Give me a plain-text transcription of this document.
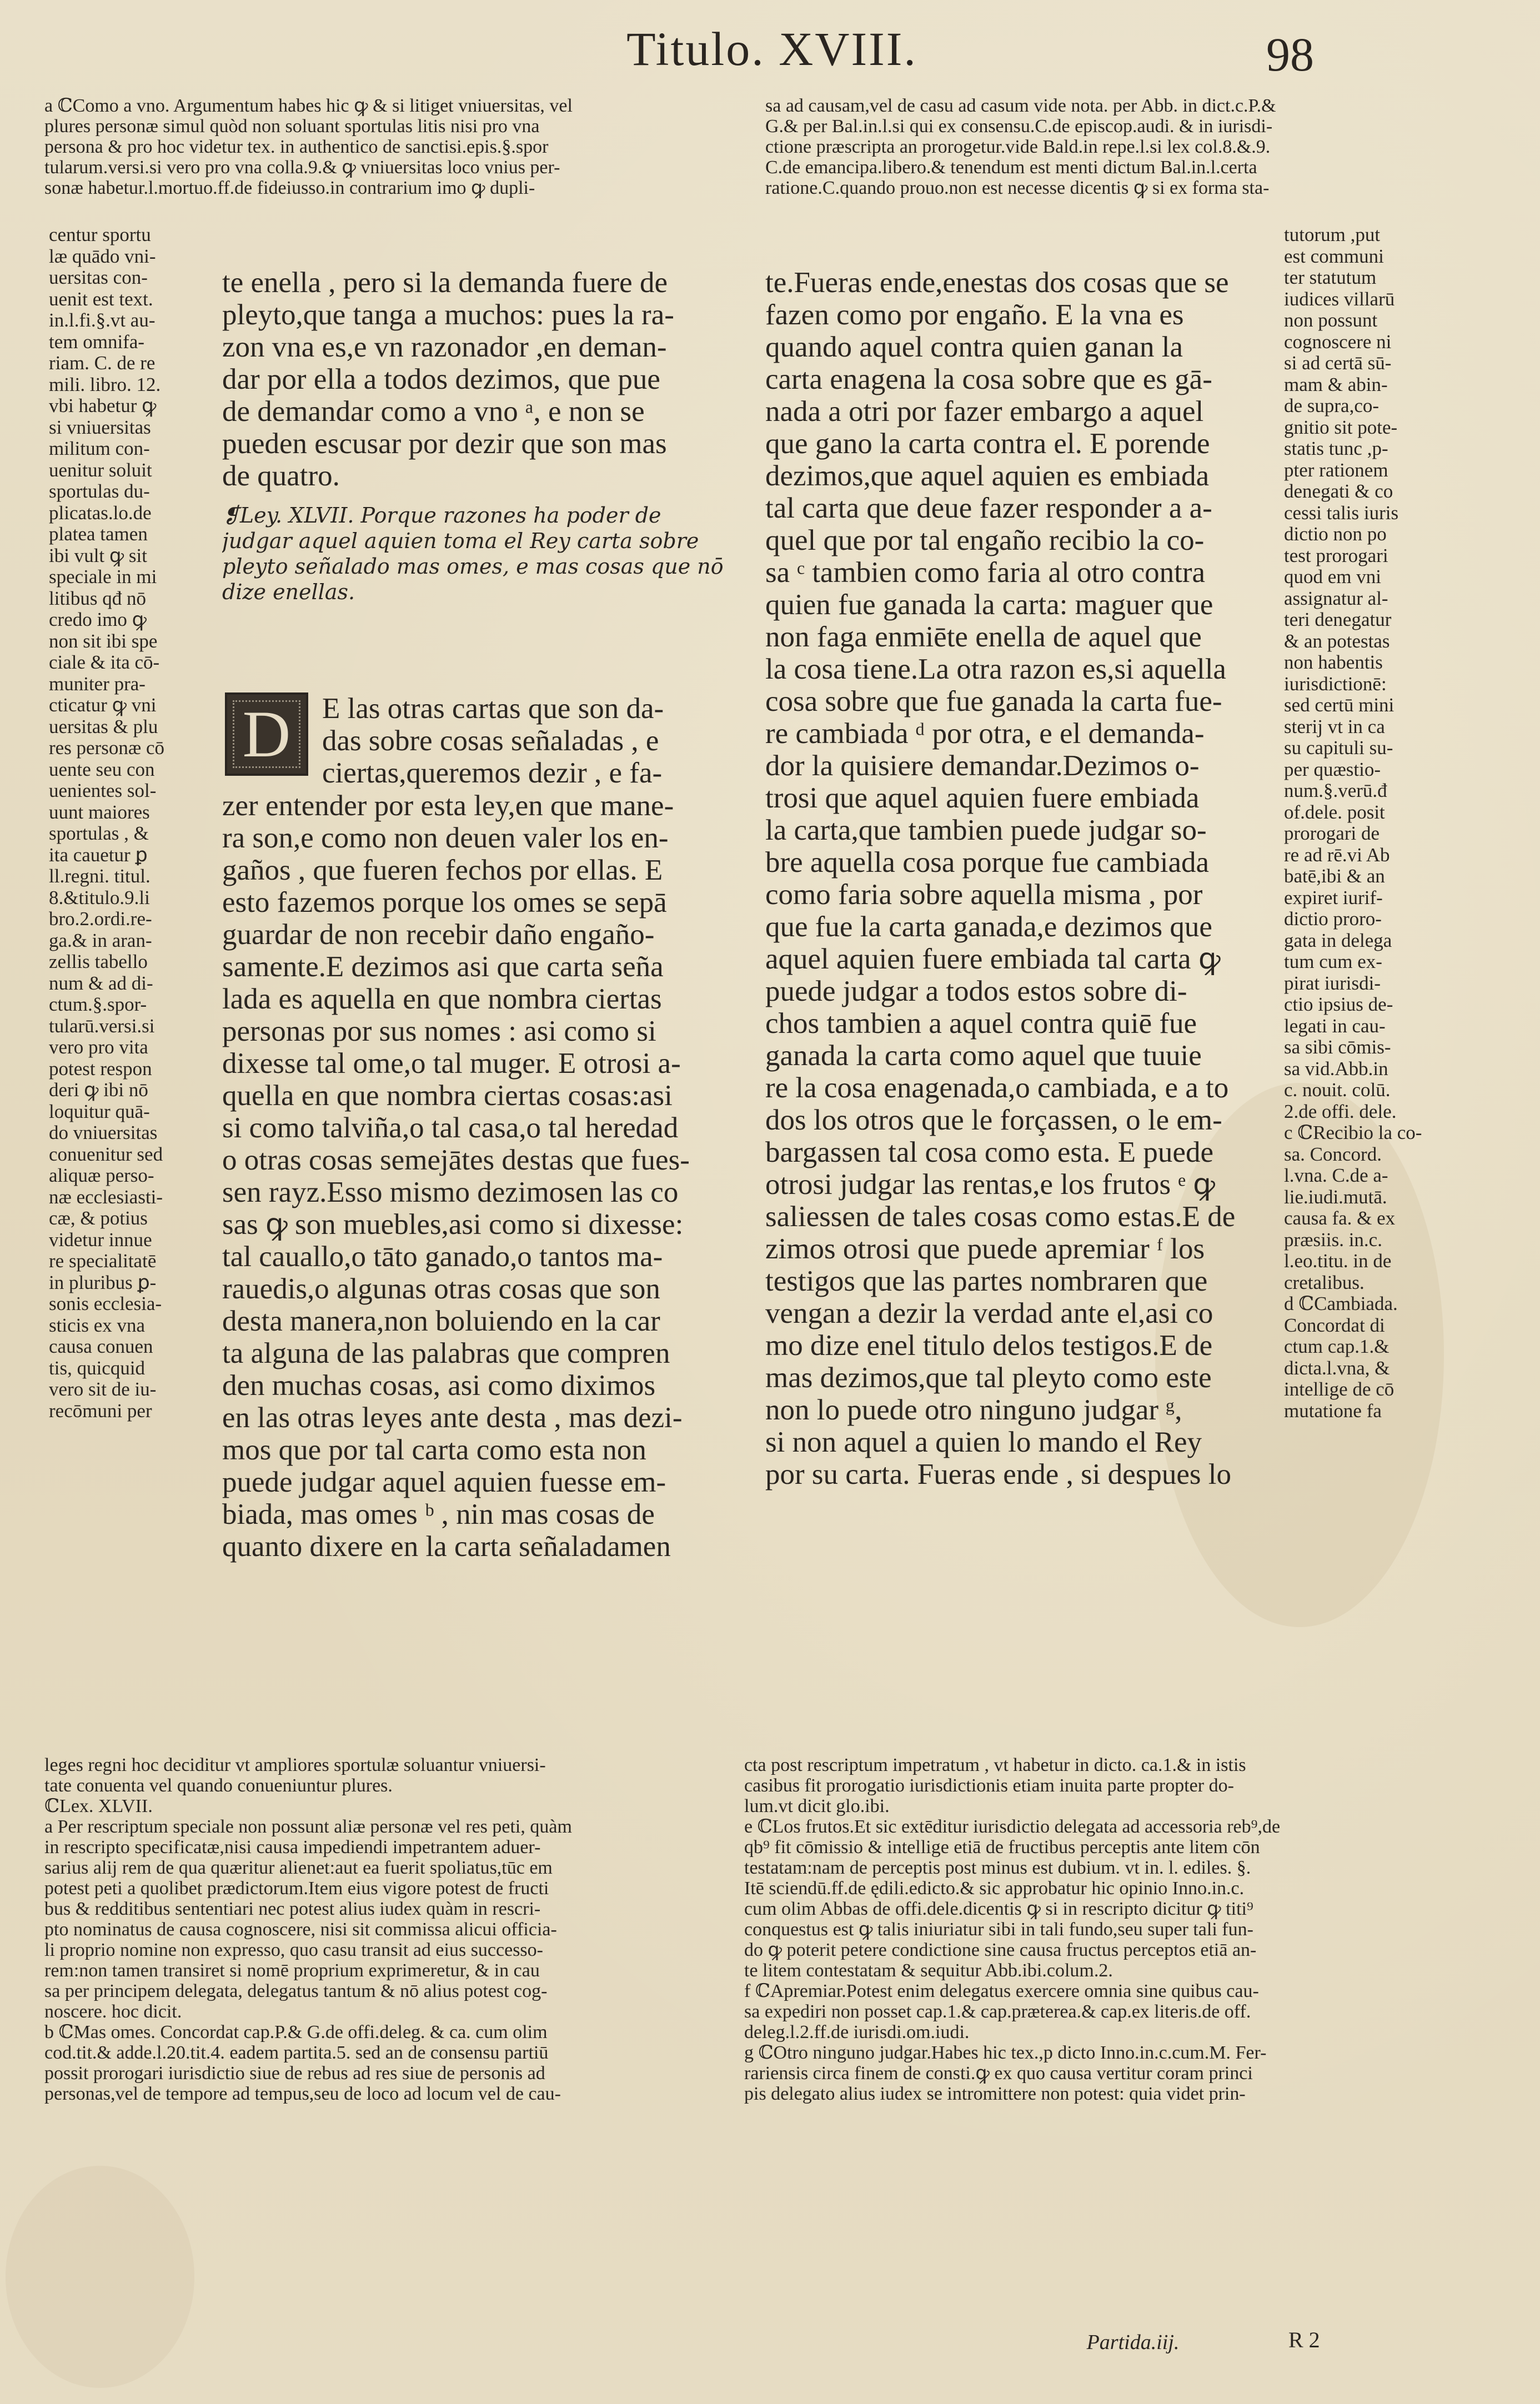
Titulo. XVIII.	98
a ℂComo a vno. Argumentum habes hic ꝙ & si litiget vniuersitas, vel
plures personæ simul quòd non soluant sportulas litis nisi pro vna
persona & pro hoc videtur tex. in authentico de sanctisi.epis.§.spor
tularum.versi.si vero pro vna colla.9.& ꝙ vniuersitas loco vnius per-
sonæ habetur.l.mortuo.ff.de fideiusso.in contrarium imo ꝙ dupli-
sa ad causam,vel de casu ad casum vide nota. per Abb. in dict.c.P.&
G.& per Bal.in.l.si qui ex consensu.C.de episcop.audi. & in iurisdi-
ctione præscripta an prorogetur.vide Bald.in repe.l.si lex col.8.&.9.
C.de emancipa.libero.& tenendum est menti dictum Bal.in.l.certa
ratione.C.quando prouo.non est necesse dicentis ꝙ si ex forma sta-
centur sportu
læ quādo vni-
uersitas con-
uenit est text.
in.l.fi.§.vt au-
tem omnifa-
riam. C. de re
mili. libro. 12.
vbi habetur ꝙ
si vniuersitas
militum con-
uenitur soluit
sportulas du-
plicatas.lo.de
platea tamen
ibi vult ꝙ sit
speciale in mi
litibus qđ nō
credo imo ꝙ
non sit ibi spe
ciale & ita cō-
muniter pra-
cticatur ꝙ vni
uersitas & plu
res personæ cō
uente seu con
uenientes sol-
uunt maiores
sportulas , &
ita cauetur ꝑ
ll.regni. titul.
8.&titulo.9.li
bro.2.ordi.re-
ga.& in aran-
zellis tabello
num & ad di-
ctum.§.spor-
tularū.versi.si
vero pro vita
potest respon
deri ꝙ ibi nō
loquitur quā-
do vniuersitas
conuenitur sed
aliquæ perso-
næ ecclesiasti-
cæ, & potius
videtur innue
re specialitatē
in pluribus ꝑ-
sonis ecclesia-
sticis ex vna
causa conuen
tis, quicquid
vero sit de iu-
recōmuni per
te enella , pero si la demanda fuere de
pleyto,que tanga a muchos: pues la ra-
zon vna es,e vn razonador ,en deman-
dar por ella a todos dezimos, que pue
de demandar como a vno ᵃ, e non se
pueden escusar por dezir que son mas
de quatro.
❡Ley. XLVII. Porque razones ha poder de
judgar aquel aquien toma el Rey carta sobre
pleyto señalado mas omes, e mas cosas que nō
dize enellas.
D E las otras cartas que son da-
das sobre cosas señaladas , e
ciertas,queremos dezir , e fa-
zer entender por esta ley,en que mane-
ra son,e como non deuen valer los en-
gaños , que fueren fechos por ellas. E
esto fazemos porque los omes se sepā
guardar de non recebir daño engaño-
samente.E dezimos asi que carta seña
lada es aquella en que nombra ciertas
personas por sus nomes : asi como si
dixesse tal ome,o tal muger. E otrosi a-
quella en que nombra ciertas cosas:asi
si como talviña,o tal casa,o tal heredad
o otras cosas semejātes destas que fues-
sen rayz.Esso mismo dezimosen las co
sas ꝙ son muebles,asi como si dixesse:
tal cauallo,o tāto ganado,o tantos ma-
rauedis,o algunas otras cosas que son
desta manera,non boluiendo en la car
ta alguna de las palabras que compren
den muchas cosas, asi como diximos
en las otras leyes ante desta , mas dezi-
mos que por tal carta como esta non
puede judgar aquel aquien fuesse em-
biada, mas omes ᵇ , nin mas cosas de
quanto dixere en la carta señaladamen
te.Fueras ende,enestas dos cosas que se
fazen como por engaño. E la vna es
quando aquel contra quien ganan la
carta enagena la cosa sobre que es gā-
nada a otri por fazer embargo a aquel
que gano la carta contra el. E porende
dezimos,que aquel aquien es embiada
tal carta que deue fazer responder a a-
quel que por tal engaño recibio la co-
sa ᶜ tambien como faria al otro contra
quien fue ganada la carta: maguer que
non faga enmiēte enella de aquel que
la cosa tiene.La otra razon es,si aquella
cosa sobre que fue ganada la carta fue-
re cambiada ᵈ por otra, e el demanda-
dor la quisiere demandar.Dezimos o-
trosi que aquel aquien fuere embiada
la carta,que tambien puede judgar so-
bre aquella cosa porque fue cambiada
como faria sobre aquella misma , por
que fue la carta ganada,e dezimos que
aquel aquien fuere embiada tal carta ꝙ
puede judgar a todos estos sobre di-
chos tambien a aquel contra quiē fue
ganada la carta como aquel que tuuie
re la cosa enagenada,o cambiada, e a to
dos los otros que le forçassen, o le em-
bargassen tal cosa como esta. E puede
otrosi judgar las rentas,e los frutos ᵉ ꝙ
saliessen de tales cosas como estas.E de
zimos otrosi que puede apremiar ᶠ los
testigos que las partes nombraren que
vengan a dezir la verdad ante el,asi co
mo dize enel titulo delos testigos.E de
mas dezimos,que tal pleyto como este
non lo puede otro ninguno judgar ᵍ,
si non aquel a quien lo mando el Rey
por su carta. Fueras ende , si despues lo
tutorum ,put
est communi
ter statutum
iudices villarū
non possunt
cognoscere ni
si ad certā sū-
mam & abin-
de supra,co-
gnitio sit pote-
statis tunc ,p-
pter rationem
denegati & co
cessi talis iuris
dictio non po
test prorogari
quod em vni
assignatur al-
teri denegatur
& an potestas
non habentis
iurisdictionē:
sed certū mini
sterij vt in ca
su capituli su-
per quæstio-
num.§.verū.đ
of.dele. posit
prorogari de
re ad rē.vi Ab
batē,ibi & an
expiret iurif-
dictio proro-
gata in delega
tum cum ex-
pirat iurisdi-
ctio ipsius de-
legati in cau-
sa sibi cōmis-
sa vid.Abb.in
c. nouit. colū.
2.de offi. dele.
c ℂRecibio la co-
sa. Concord.
l.vna. C.de a-
lie.iudi.mutā.
causa fa. & ex
præsiis. in.c.
l.eo.titu. in de
cretalibus.
d ℂCambiada.
Concordat di
ctum cap.1.&
dicta.l.vna, &
intellige de cō
mutatione fa
leges regni hoc deciditur vt ampliores sportulæ soluantur vniuersi-
tate conuenta vel quando conueniuntur plures.
ℂLex. XLVII.
a Per rescriptum speciale non possunt aliæ personæ vel res peti, quàm
in rescripto specificatæ,nisi causa impediendi impetrantem aduer-
sarius alij rem de qua quæritur alienet:aut ea fuerit spoliatus,tūc em
potest peti a quolibet prædictorum.Item eius vigore potest de fructi
bus & redditibus sententiari nec potest alius iudex quàm in rescri-
pto nominatus de causa cognoscere, nisi sit commissa alicui officia-
li proprio nomine non expresso, quo casu transit ad eius successo-
rem:non tamen transiret si nomē proprium exprimeretur, & in cau
sa per principem delegata, delegatus tantum & nō alius potest cog-
noscere. hoc dicit.
b ℂMas omes. Concordat cap.P.& G.de offi.deleg. & ca. cum olim
cod.tit.& adde.l.20.tit.4. eadem partita.5. sed an de consensu partiū
possit prorogari iurisdictio siue de rebus ad res siue de personis ad
personas,vel de tempore ad tempus,seu de loco ad locum vel de cau-
cta post rescriptum impetratum , vt habetur in dicto. ca.1.& in istis
casibus fit prorogatio iurisdictionis etiam inuita parte propter do-
lum.vt dicit glo.ibi.
e ℂLos frutos.Et sic extēditur iurisdictio delegata ad accessoria reb⁹,de
qb⁹ fit cōmissio & intellige etiā de fructibus perceptis ante litem cōn
testatam:nam de perceptis post minus est dubium. vt in. l. ediles. §.
Itē sciendū.ff.de ędili.edicto.& sic approbatur hic opinio Inno.in.c.
cum olim Abbas de offi.dele.dicentis ꝙ si in rescripto dicitur ꝙ titi⁹
conquestus est ꝙ talis iniuriatur sibi in tali fundo,seu super tali fun-
do ꝙ poterit petere condictione sine causa fructus perceptos etiā an-
te litem contestatam & sequitur Abb.ibi.colum.2.
f ℂApremiar.Potest enim delegatus exercere omnia sine quibus cau-
sa expediri non posset cap.1.& cap.præterea.& cap.ex literis.de off.
deleg.l.2.ff.de iurisdi.om.iudi.
g ℂOtro ninguno judgar.Habes hic tex.,p dicto Inno.in.c.cum.M. Fer-
rariensis circa finem de consti.ꝙ ex quo causa vertitur coram princi
pis delegato alius iudex se intromittere non potest: quia videt prin-
Partida.iij.	R 2
